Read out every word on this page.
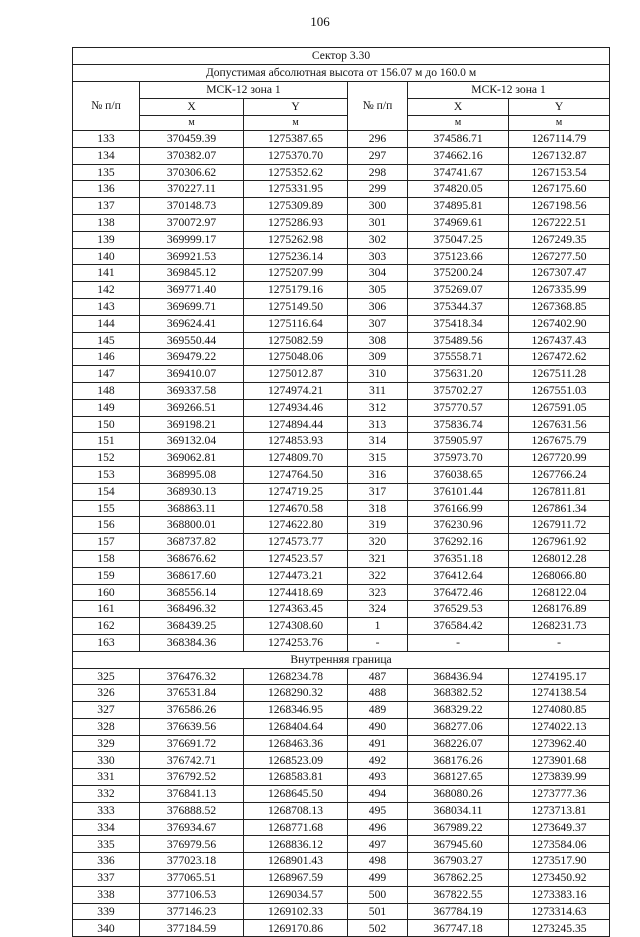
106
Сектор 3.30					
Допустимая абсолютная высота от 156.07 м до 160.0 м					
№ п/п	МСК-12 зона 1		№ п/п	МСК-12 зона 1	
	X	Y		X	Y
	м	м		м	м
133	370459.39	1275387.65	296	374586.71	1267114.79
134	370382.07	1275370.70	297	374662.16	1267132.87
135	370306.62	1275352.62	298	374741.67	1267153.54
136	370227.11	1275331.95	299	374820.05	1267175.60
137	370148.73	1275309.89	300	374895.81	1267198.56
138	370072.97	1275286.93	301	374969.61	1267222.51
139	369999.17	1275262.98	302	375047.25	1267249.35
140	369921.53	1275236.14	303	375123.66	1267277.50
141	369845.12	1275207.99	304	375200.24	1267307.47
142	369771.40	1275179.16	305	375269.07	1267335.99
143	369699.71	1275149.50	306	375344.37	1267368.85
144	369624.41	1275116.64	307	375418.34	1267402.90
145	369550.44	1275082.59	308	375489.56	1267437.43
146	369479.22	1275048.06	309	375558.71	1267472.62
147	369410.07	1275012.87	310	375631.20	1267511.28
148	369337.58	1274974.21	311	375702.27	1267551.03
149	369266.51	1274934.46	312	375770.57	1267591.05
150	369198.21	1274894.44	313	375836.74	1267631.56
151	369132.04	1274853.93	314	375905.97	1267675.79
152	369062.81	1274809.70	315	375973.70	1267720.99
153	368995.08	1274764.50	316	376038.65	1267766.24
154	368930.13	1274719.25	317	376101.44	1267811.81
155	368863.11	1274670.58	318	376166.99	1267861.34
156	368800.01	1274622.80	319	376230.96	1267911.72
157	368737.82	1274573.77	320	376292.16	1267961.92
158	368676.62	1274523.57	321	376351.18	1268012.28
159	368617.60	1274473.21	322	376412.64	1268066.80
160	368556.14	1274418.69	323	376472.46	1268122.04
161	368496.32	1274363.45	324	376529.53	1268176.89
162	368439.25	1274308.60	1	376584.42	1268231.73
163	368384.36	1274253.76	-	-	-
Внутренняя граница					
325	376476.32	1268234.78	487	368436.94	1274195.17
326	376531.84	1268290.32	488	368382.52	1274138.54
327	376586.26	1268346.95	489	368329.22	1274080.85
328	376639.56	1268404.64	490	368277.06	1274022.13
329	376691.72	1268463.36	491	368226.07	1273962.40
330	376742.71	1268523.09	492	368176.26	1273901.68
331	376792.52	1268583.81	493	368127.65	1273839.99
332	376841.13	1268645.50	494	368080.26	1273777.36
333	376888.52	1268708.13	495	368034.11	1273713.81
334	376934.67	1268771.68	496	367989.22	1273649.37
335	376979.56	1268836.12	497	367945.60	1273584.06
336	377023.18	1268901.43	498	367903.27	1273517.90
337	377065.51	1268967.59	499	367862.25	1273450.92
338	377106.53	1269034.57	500	367822.55	1273383.16
339	377146.23	1269102.33	501	367784.19	1273314.63
340	377184.59	1269170.86	502	367747.18	1273245.35
